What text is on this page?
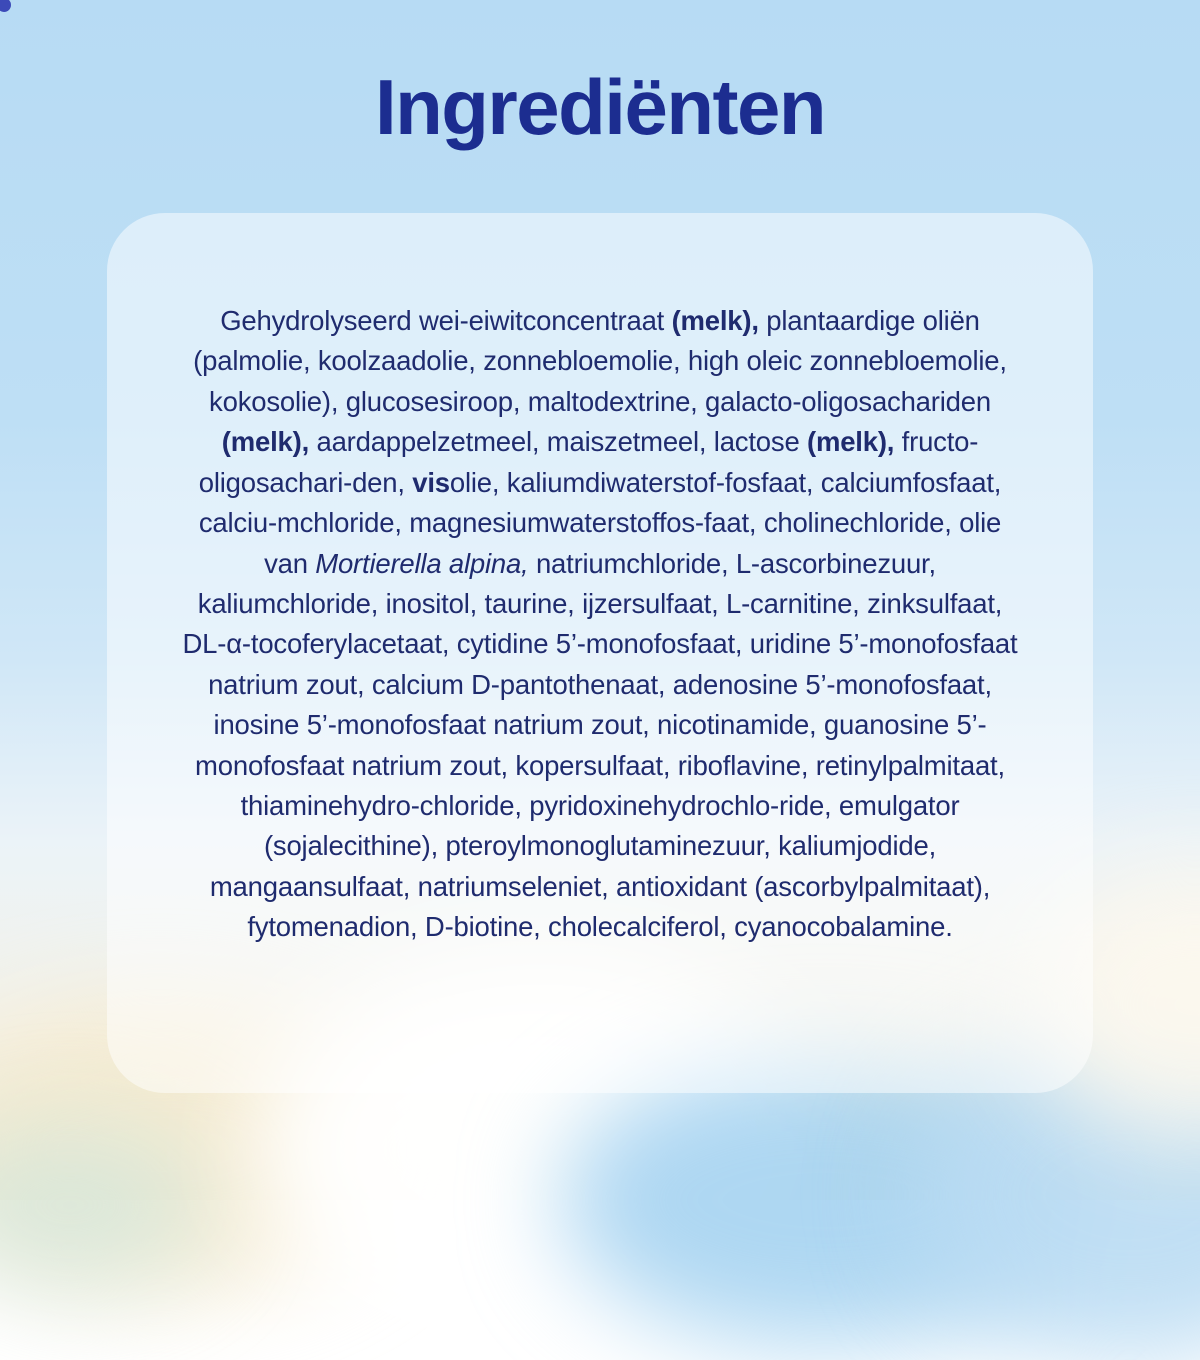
Ingrediënten

Gehydrolyseerd wei-eiwitconcentraat (melk), plantaardige oliën (palmolie, koolzaadolie, zonnebloemolie, high oleic zonnebloemolie, kokosolie), glucosesiroop, maltodextrine, galacto-oligosachariden (melk), aardappelzetmeel, maiszetmeel, lactose (melk), fructo-oligosachari-den, visolie, kaliumdiwaterstof-fosfaat, calciumfosfaat, calciu-mchloride, magnesiumwaterstoffos-faat, cholinechloride, olie van Mortierella alpina, natriumchloride, L-ascorbinezuur, kaliumchloride, inositol, taurine, ijzersulfaat, L-carnitine, zinksulfaat, DL-α-tocoferylacetaat, cytidine 5’-monofosfaat, uridine 5’-monofosfaat natrium zout, calcium D-pantothenaat, adenosine 5’-monofosfaat, inosine 5’-monofosfaat natrium zout, nicotinamide, guanosine 5’-monofosfaat natrium zout, kopersulfaat, riboflavine, retinylpalmitaat, thiaminehydro-chloride, pyridoxinehydrochlo-ride, emulgator (sojalecithine), pteroylmonoglutaminezuur, kaliumjodide, mangaansulfaat, natriumseleniet, antioxidant (ascorbylpalmitaat), fytomenadion, D-biotine, cholecalciferol, cyanocobalamine.
